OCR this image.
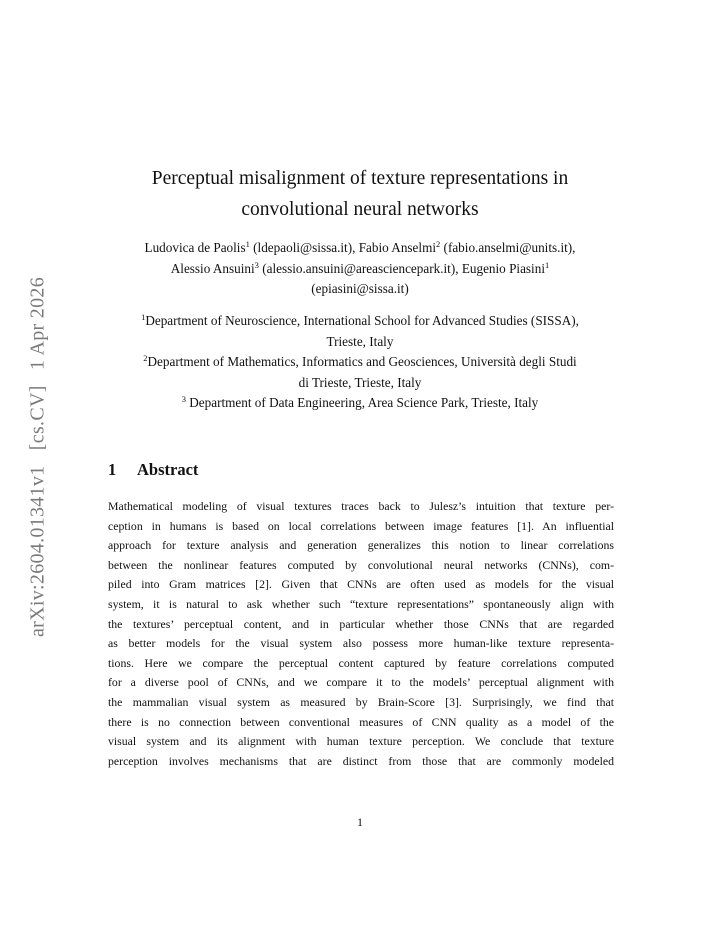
arXiv:2604.01341v1 [cs.CV] 1 Apr 2026
Perceptual misalignment of texture representations in
convolutional neural networks
Ludovica de Paolis$^1$ (ldepaoli@sissa.it), Fabio Anselmi$^2$ (fabio.anselmi@units.it),
Alessio Ansuini$^3$ (alessio.ansuini@areasciencepark.it), Eugenio Piasini$^1$
(epiasini@sissa.it)
$^1$Department of Neuroscience, International School for Advanced Studies (SISSA),
Trieste, Italy
$^2$Department of Mathematics, Informatics and Geosciences, Università degli Studi
di Trieste, Trieste, Italy
$^3$ Department of Data Engineering, Area Science Park, Trieste, Italy
1 Abstract
Mathematical modeling of visual textures traces back to Julesz’s intuition that texture per-
ception in humans is based on local correlations between image features [1]. An influential
approach for texture analysis and generation generalizes this notion to linear correlations
between the nonlinear features computed by convolutional neural networks (CNNs), com-
piled into Gram matrices [2]. Given that CNNs are often used as models for the visual
system, it is natural to ask whether such “texture representations” spontaneously align with
the textures’ perceptual content, and in particular whether those CNNs that are regarded
as better models for the visual system also possess more human-like texture representa-
tions. Here we compare the perceptual content captured by feature correlations computed
for a diverse pool of CNNs, and we compare it to the models’ perceptual alignment with
the mammalian visual system as measured by Brain-Score [3]. Surprisingly, we find that
there is no connection between conventional measures of CNN quality as a model of the
visual system and its alignment with human texture perception. We conclude that texture
perception involves mechanisms that are distinct from those that are commonly modeled
1
